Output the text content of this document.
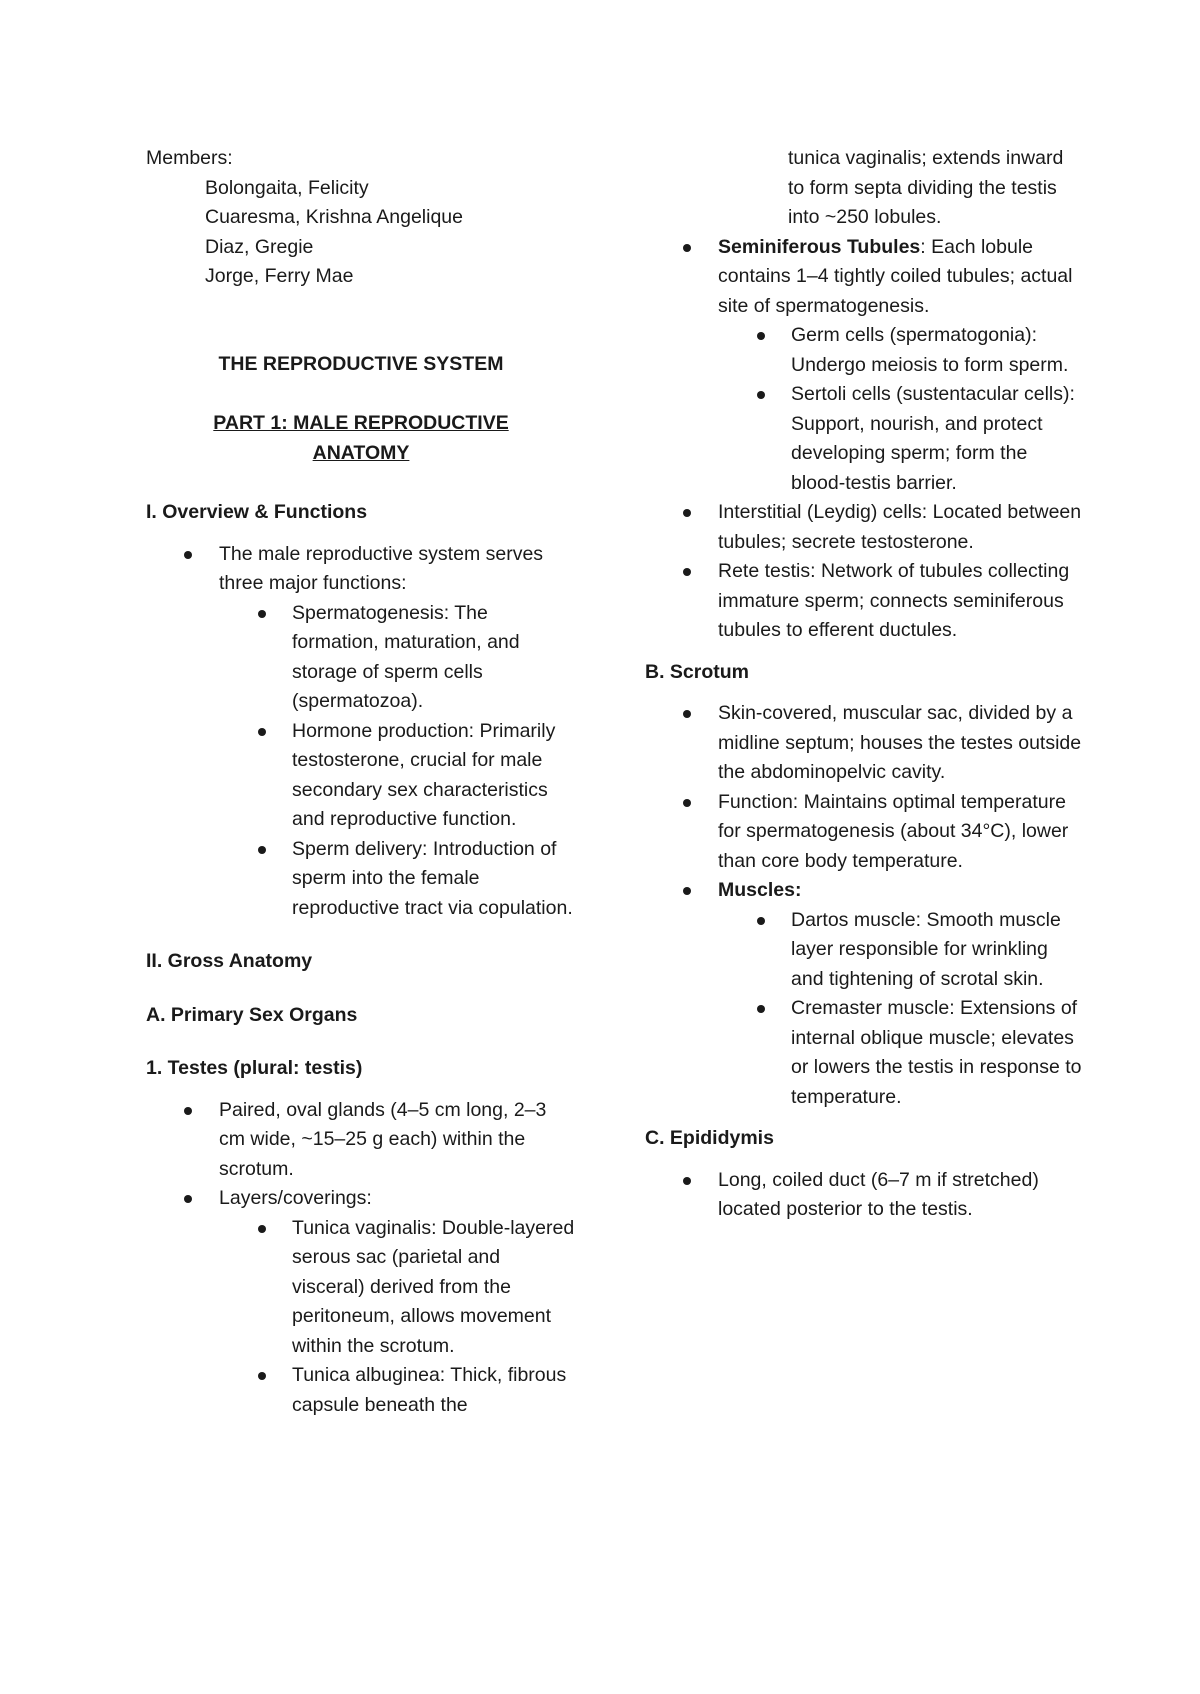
Members:

Bolongaita, Felicity
Cuaresma, Krishna Angelique
Diaz, Gregie
Jorge, Ferry Mae

THE REPRODUCTIVE SYSTEM

PART 1: MALE REPRODUCTIVE ANATOMY

I. Overview & Functions

The male reproductive system serves three major functions:
Spermatogenesis: The formation, maturation, and storage of sperm cells (spermatozoa).
Hormone production: Primarily testosterone, crucial for male secondary sex characteristics and reproductive function.
Sperm delivery: Introduction of sperm into the female reproductive tract via copulation.

II. Gross Anatomy

A. Primary Sex Organs

1. Testes (plural: testis)

Paired, oval glands (4–5 cm long, 2–3 cm wide, ~15–25 g each) within the scrotum.
Layers/coverings:
Tunica vaginalis: Double-layered serous sac (parietal and visceral) derived from the peritoneum, allows movement within the scrotum.
Tunica albuginea: Thick, fibrous capsule beneath the
tunica vaginalis; extends inward to form septa dividing the testis into ~250 lobules.
Seminiferous Tubules: Each lobule contains 1–4 tightly coiled tubules; actual site of spermatogenesis.
Germ cells (spermatogonia): Undergo meiosis to form sperm.
Sertoli cells (sustentacular cells): Support, nourish, and protect developing sperm; form the blood-testis barrier.
Interstitial (Leydig) cells: Located between tubules; secrete testosterone.
Rete testis: Network of tubules collecting immature sperm; connects seminiferous tubules to efferent ductules.

B. Scrotum

Skin-covered, muscular sac, divided by a midline septum; houses the testes outside the abdominopelvic cavity.
Function: Maintains optimal temperature for spermatogenesis (about 34°C), lower than core body temperature.
Muscles:
Dartos muscle: Smooth muscle layer responsible for wrinkling and tightening of scrotal skin.
Cremaster muscle: Extensions of internal oblique muscle; elevates or lowers the testis in response to temperature.

C. Epididymis

Long, coiled duct (6–7 m if stretched) located posterior to the testis.
